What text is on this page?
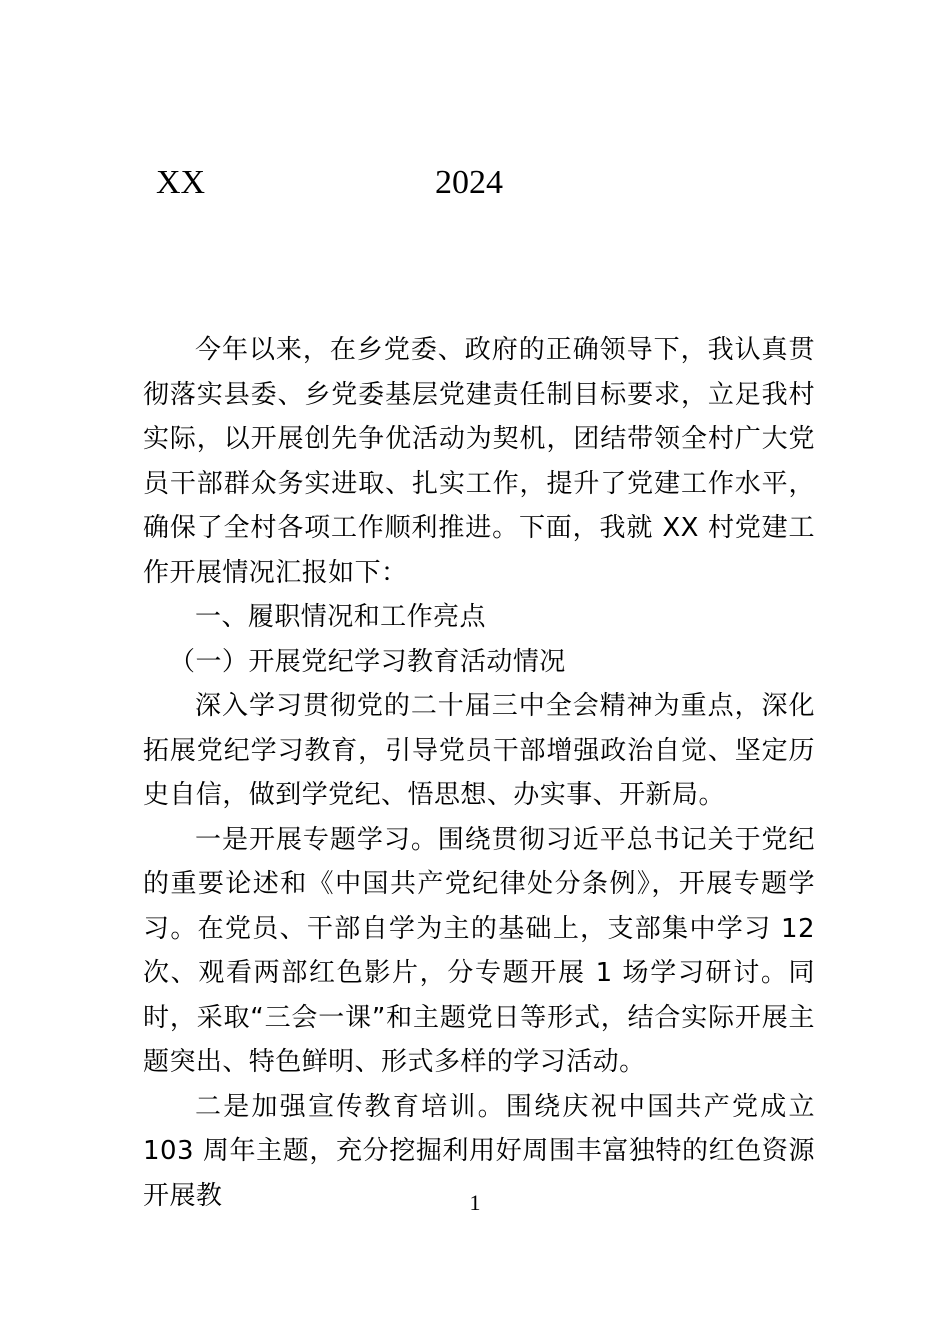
XX	2024

今年以来，在乡党委、政府的正确领导下，我认真贯彻落实县委、乡党委基层党建责任制目标要求，立足我村实际，以开展创先争优活动为契机，团结带领全村广大党员干部群众务实进取、扎实工作，提升了党建工作水平，确保了全村各项工作顺利推进。下面，我就 XX 村党建工作开展情况汇报如下：

一、履职情况和工作亮点

（一）开展党纪学习教育活动情况

深入学习贯彻党的二十届三中全会精神为重点，深化拓展党纪学习教育，引导党员干部增强政治自觉、坚定历史自信，做到学党纪、悟思想、办实事、开新局。

一是开展专题学习。围绕贯彻习近平总书记关于党纪的重要论述和《中国共产党纪律处分条例》，开展专题学习。在党员、干部自学为主的基础上，支部集中学习 12 次、观看两部红色影片，分专题开展 1 场学习研讨。同时，采取“三会一课”和主题党日等形式，结合实际开展主题突出、特色鲜明、形式多样的学习活动。

二是加强宣传教育培训。围绕庆祝中国共产党成立 103 周年主题，充分挖掘利用好周围丰富独特的红色资源开展教	1
